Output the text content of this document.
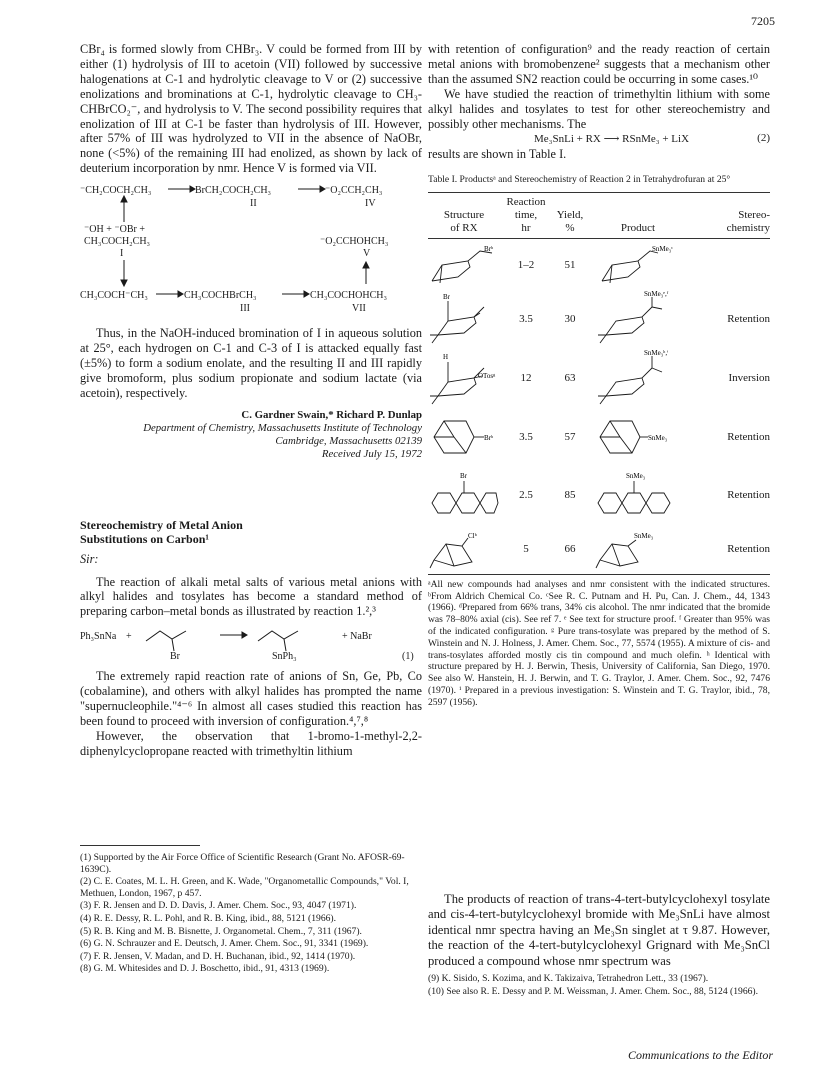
7205

CBr₄ is formed slowly from CHBr₃. V could be formed from III by either (1) hydrolysis of III to acetoin (VII) followed by successive halogenations at C-1 and hydrolytic cleavage to V or (2) successive enolizations and brominations at C-1, hydrolytic cleavage to CH₃-CHBrCO₂⁻, and hydrolysis to V. The second possibility requires that enolization of III at C-1 be faster than hydrolysis of III. However, after 57% of III was hydrolyzed to VII in the absence of NaOBr, none (<5%) of the remaining III had enolized, as shown by lack of deuterium incorporation by nmr. Hence V is formed via VII.

⁻CH₂COCH₂CH₃	BrCH₂COCH₂CH₃	⁻O₂CCH₂CH₃
II	IV
⁻OH + ⁻OBr +
CH₃COCH₂CH₃
I
⁻O₂CCHOHCH₃
V
CH₃COCH⁻CH₃	CH₃COCHBrCH₃	CH₃COCHOHCH₃
III	VII

Thus, in the NaOH-induced bromination of I in aqueous solution at 25°, each hydrogen on C-1 and C-3 of I is attacked equally fast (±5%) to form a sodium enolate, and the resulting II and III rapidly give bromoform, plus sodium propionate and sodium lactate (via acetoin), respectively.

C. Gardner Swain,* Richard P. Dunlap
Department of Chemistry, Massachusetts Institute of Technology
Cambridge, Massachusetts 02139
Received July 15, 1972
Stereochemistry of Metal Anion
Substitutions on Carbon¹
Sir:

The reaction of alkali metal salts of various metal anions with alkyl halides and tosylates has become a standard method of preparing carbon–metal bonds as illustrated by reaction 1.²,³

Ph₃SnNa +
Br	SnPh₃
+ NaBr
(1)

The extremely rapid reaction rate of anions of Sn, Ge, Pb, Co (cobalamine), and others with alkyl halides has prompted the name "supernucleophile."⁴⁻⁶ In almost all cases studied this reaction has been found to proceed with inversion of configuration.⁴,⁷,⁸

However, the observation that 1-bromo-1-methyl-2,2-diphenylcyclopropane reacted with trimethyltin lithium

(1) Supported by the Air Force Office of Scientific Research (Grant No. AFOSR-69-1639C).

(2) C. E. Coates, M. L. H. Green, and K. Wade, "Organometallic Compounds," Vol. I, Methuen, London, 1967, p 457.

(3) F. R. Jensen and D. D. Davis, J. Amer. Chem. Soc., 93, 4047 (1971).

(4) R. E. Dessy, R. L. Pohl, and R. B. King, ibid., 88, 5121 (1966).

(5) R. B. King and M. B. Bisnette, J. Organometal. Chem., 7, 311 (1967).

(6) G. N. Schrauzer and E. Deutsch, J. Amer. Chem. Soc., 91, 3341 (1969).

(7) F. R. Jensen, V. Madan, and D. H. Buchanan, ibid., 92, 1414 (1970).

(8) G. M. Whitesides and D. J. Boschetto, ibid., 91, 4313 (1969).

with retention of configuration⁹ and the ready reaction of certain metal anions with bromobenzene² suggests that a mechanism other than the assumed SN2 reaction could be occurring in some cases.¹⁰

We have studied the reaction of trimethyltin lithium with some alkyl halides and tosylates to test for other stereochemistry and possibly other mechanisms. The

Me₃SnLi + RX ⟶ RSnMe₃ + LiX	(2)

results are shown in Table I.

Table I. Productsᵃ and Stereochemistry of Reaction 2 in Tetrahydrofuran at 25°
	Reaction			
Structure	time,	Yield,		Stereo-
of RX	hr	%	Product	chemistry

Brᵇ	1–2	51	SnMe₃ᶜ	

Br	3.5	30	SnMe₃ᵉ,ᶠ	Retention

H
OTosᵍ	12	63	SnMe₃ʰ,ⁱ	Inversion

Brᵇ	3.5	57	SnMe₃	Retention

Br	2.5	85	SnMe₃	Retention

Clᵇ	5	66	SnMe₃	Retention
ᵃAll new compounds had analyses and nmr consistent with the indicated structures. ᵇFrom Aldrich Chemical Co. ᶜSee R. C. Putnam and H. Pu, Can. J. Chem., 44, 1343 (1966). ᵈPrepared from 66% trans, 34% cis alcohol. The nmr indicated that the bromide was 78–80% axial (cis). See ref 7. ᵉ See text for structure proof. ᶠ Greater than 95% was of the indicated configuration. ᵍ Pure trans-tosylate was prepared by the method of S. Winstein and N. J. Holness, J. Amer. Chem. Soc., 77, 5574 (1955). A mixture of cis- and trans-tosylates afforded mostly cis tin compound and much olefin. ʰ Identical with structure prepared by H. J. Berwin, Thesis, University of California, San Diego, 1970. See also W. Hanstein, H. J. Berwin, and T. G. Traylor, J. Amer. Chem. Soc., 92, 7476 (1970). ⁱ Prepared in a previous investigation: S. Winstein and T. G. Traylor, ibid., 78, 2597 (1956).

The products of reaction of trans-4-tert-butylcyclohexyl tosylate and cis-4-tert-butylcyclohexyl bromide with Me₃SnLi have almost identical nmr spectra having an Me₃Sn singlet at τ 9.87. However, the reaction of the 4-tert-butylcyclohexyl Grignard with Me₃SnCl produced a compound whose nmr spectrum was

(9) K. Sisido, S. Kozima, and K. Takizaiva, Tetrahedron Lett., 33 (1967).

(10) See also R. E. Dessy and P. M. Weissman, J. Amer. Chem. Soc., 88, 5124 (1966).

Communications to the Editor
